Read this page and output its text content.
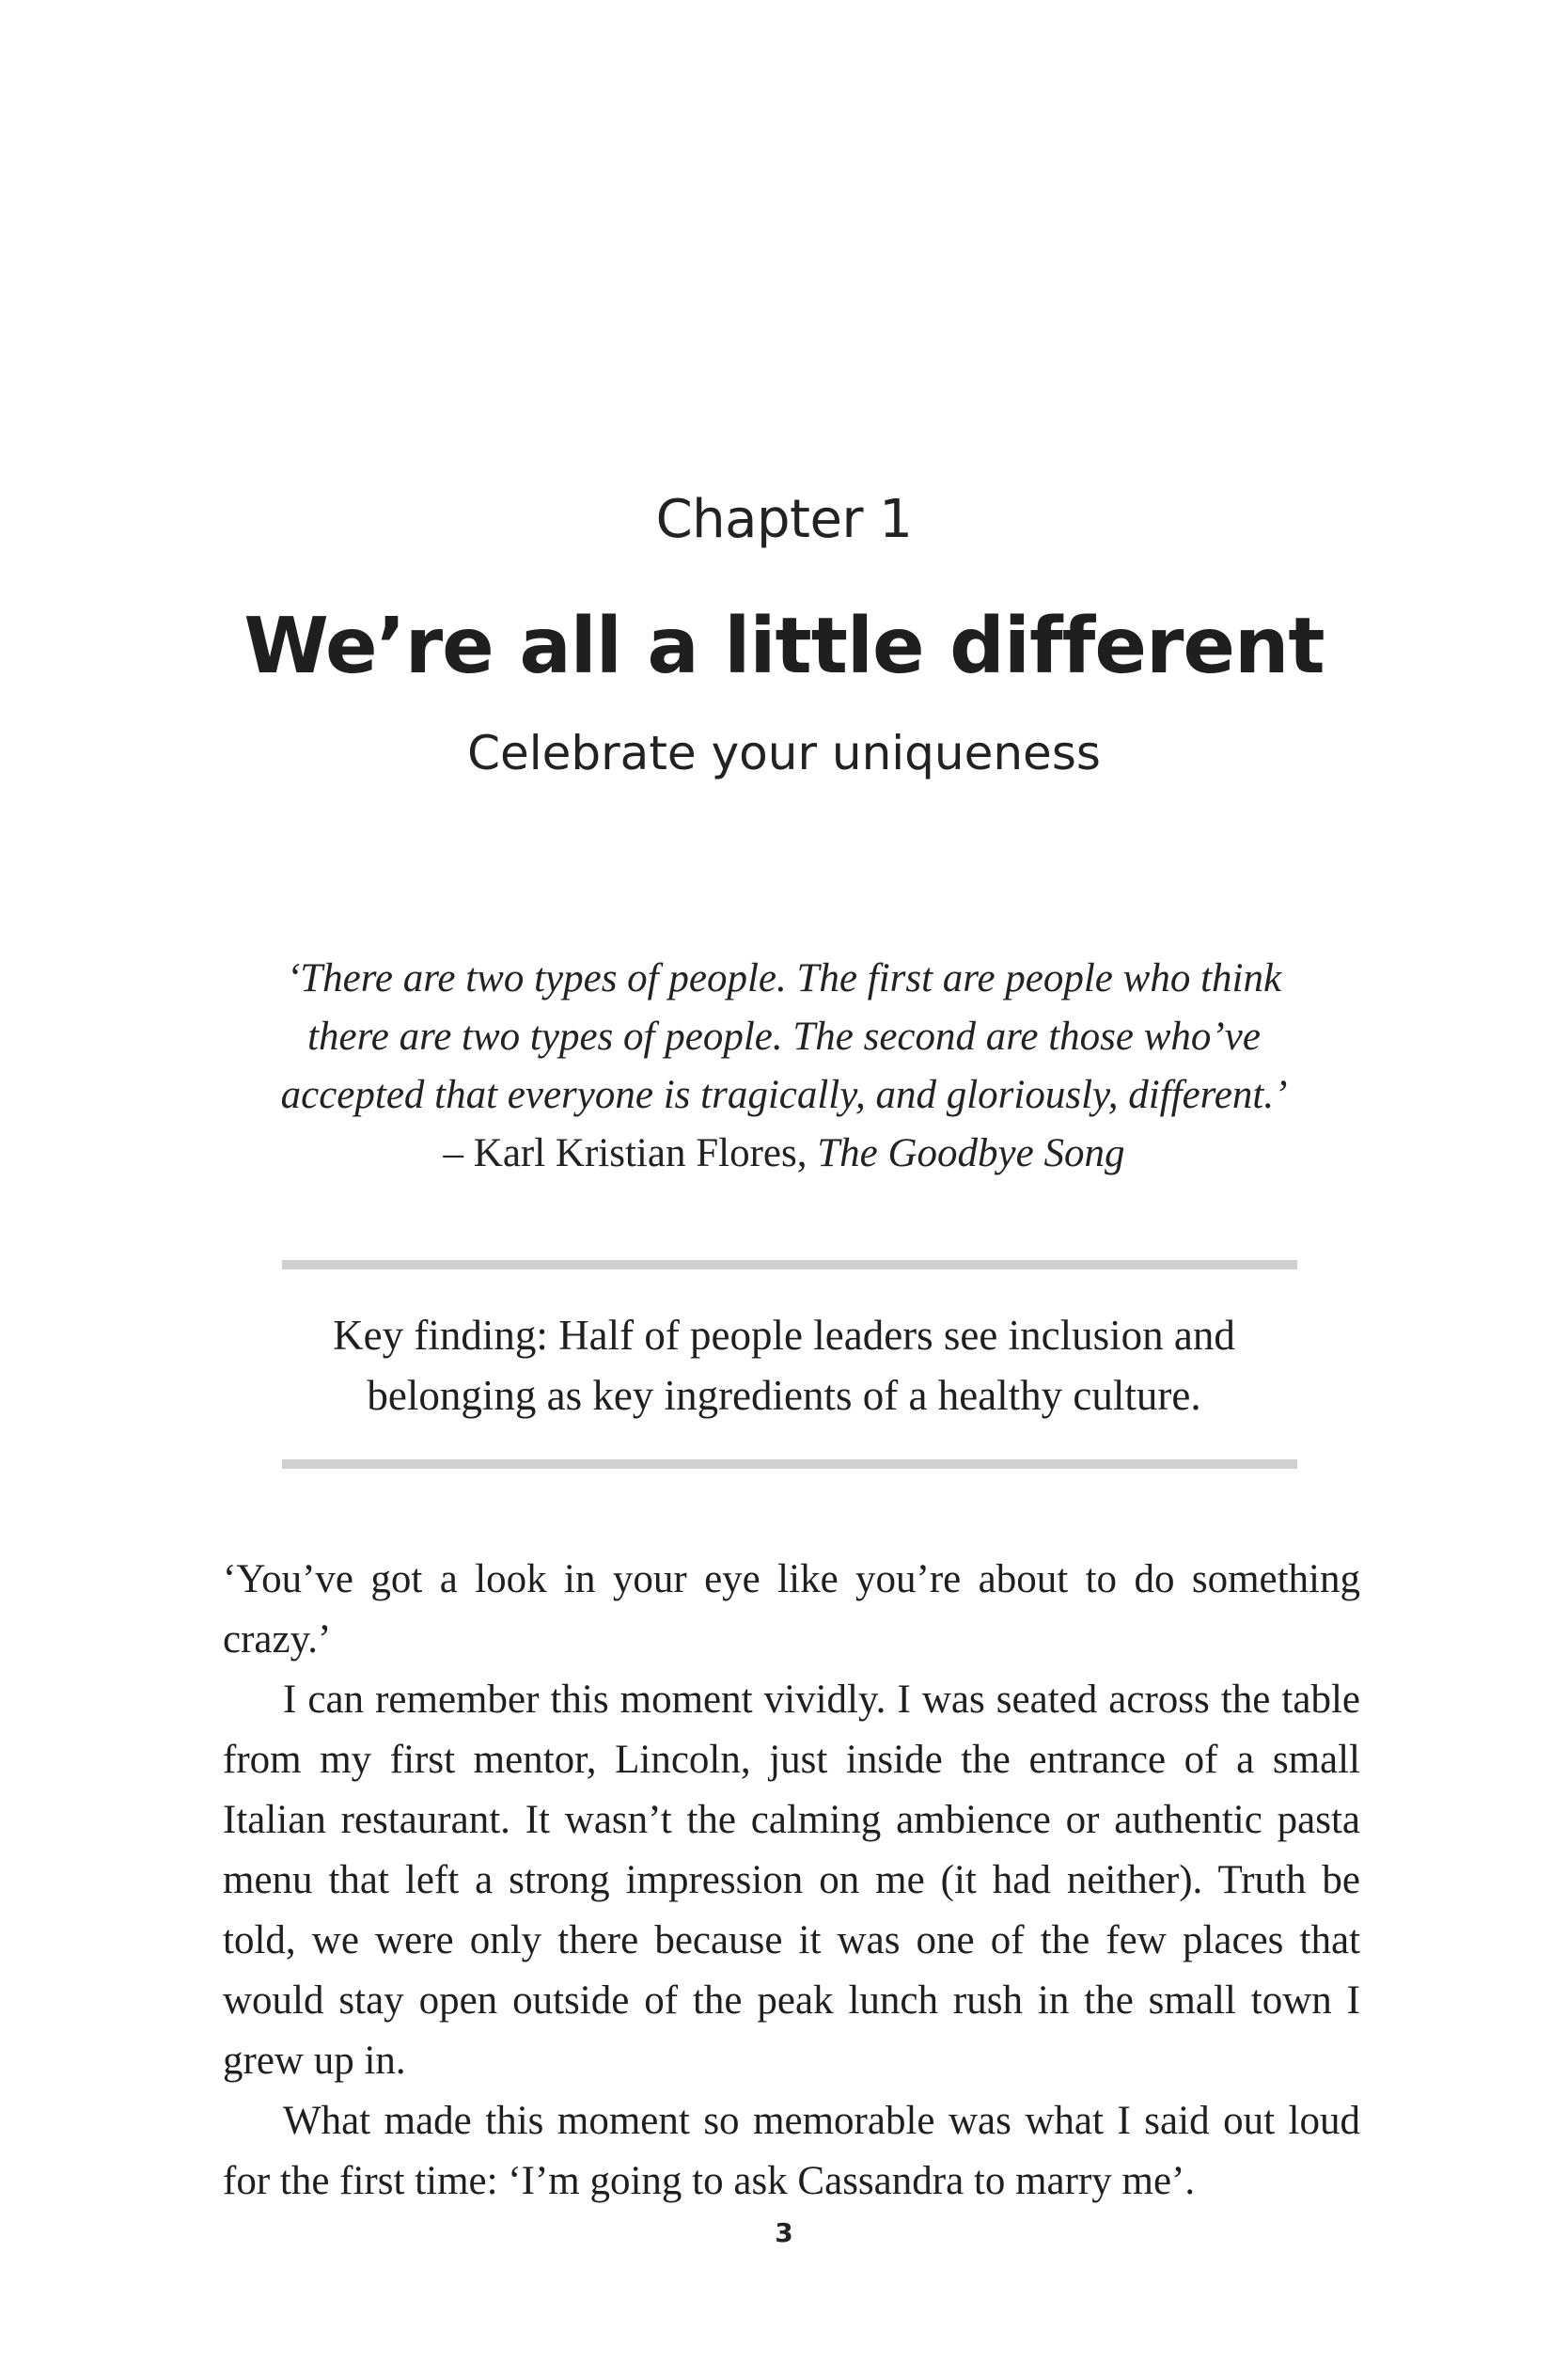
Chapter 1
We’re all a little different
Celebrate your uniqueness
‘There are two types of people. The first are people who think
there are two types of people. The second are those who’ve
accepted that everyone is tragically, and gloriously, different.’
– Karl Kristian Flores, The Goodbye Song
Key finding: Half of people leaders see inclusion and
belonging as key ingredients of a healthy culture.

‘You’ve got a look in your eye like you’re about to do something crazy.’

I can remember this moment vividly. I was seated across the table from my first mentor, Lincoln, just inside the entrance of a small Italian restaurant. It wasn’t the calming ambience or authentic pasta menu that left a strong impression on me (it had neither). Truth be told, we were only there because it was one of the few places that would stay open outside of the peak lunch rush in the small town I grew up in.

What made this moment so memorable was what I said out loud for the first time: ‘I’m going to ask Cassandra to marry me’.

3
